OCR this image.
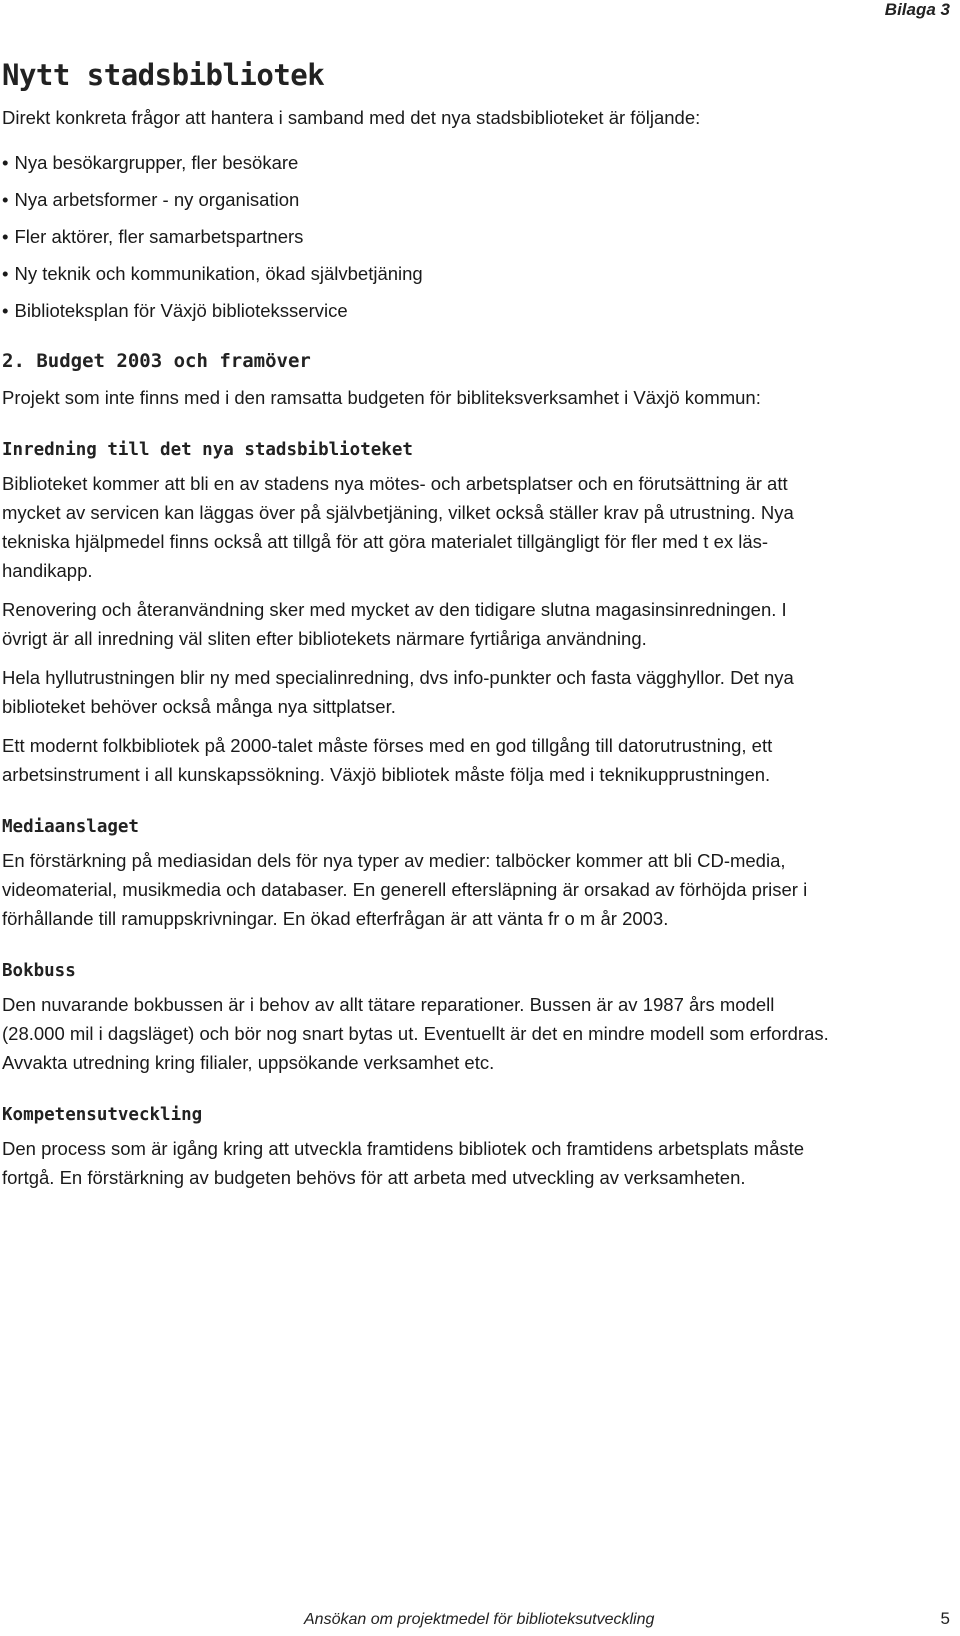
Bilaga 3
Nytt stadsbibliotek

Direkt konkreta frågor att hantera i samband med det nya stadsbiblioteket är följande:

• Nya besökargrupper, fler besökare
• Nya arbetsformer - ny organisation
• Fler aktörer, fler samarbetspartners
• Ny teknik och kommunikation, ökad självbetjäning
• Biblioteksplan för Växjö biblioteksservice
2. Budget 2003 och framöver

Projekt som inte finns med i den ramsatta budgeten för bibliteksverksamhet i Växjö kommun:

Inredning till det nya stadsbiblioteket

Biblioteket kommer att bli en av stadens nya mötes- och arbetsplatser och en förutsättning är att mycket av servicen kan läggas över på självbetjäning, vilket också ställer krav på utrustning. Nya tekniska hjälpmedel finns också att tillgå för att göra materialet tillgängligt för fler med t ex läs-handikapp.

Renovering och återanvändning sker med mycket av den tidigare slutna magasinsinredningen. I övrigt är all inredning väl sliten efter bibliotekets närmare fyrtiåriga användning.

Hela hyllutrustningen blir ny med specialinredning, dvs info-punkter och fasta vägghyllor. Det nya biblioteket behöver också många nya sittplatser.

Ett modernt folkbibliotek på 2000-talet måste förses med en god tillgång till datorutrustning, ett arbetsinstrument i all kunskapssökning. Växjö bibliotek måste följa med i teknikupprustningen.

Mediaanslaget

En förstärkning på mediasidan dels för nya typer av medier: talböcker kommer att bli CD-media, videomaterial, musikmedia och databaser. En generell eftersläpning är orsakad av förhöjda priser i förhållande till ramuppskrivningar. En ökad efterfrågan är att vänta fr o m år 2003.

Bokbuss

Den nuvarande bokbussen är i behov av allt tätare reparationer. Bussen är av 1987 års modell (28.000 mil i dagsläget) och bör nog snart bytas ut. Eventuellt är det en mindre modell som erfordras. Avvakta utredning kring filialer, uppsökande verksamhet etc.

Kompetensutveckling

Den process som är igång kring att utveckla framtidens bibliotek och framtidens arbetsplats måste fortgå. En förstärkning av budgeten behövs för att arbeta med utveckling av verksamheten.

Ansökan om projektmedel för biblioteksutveckling	5
